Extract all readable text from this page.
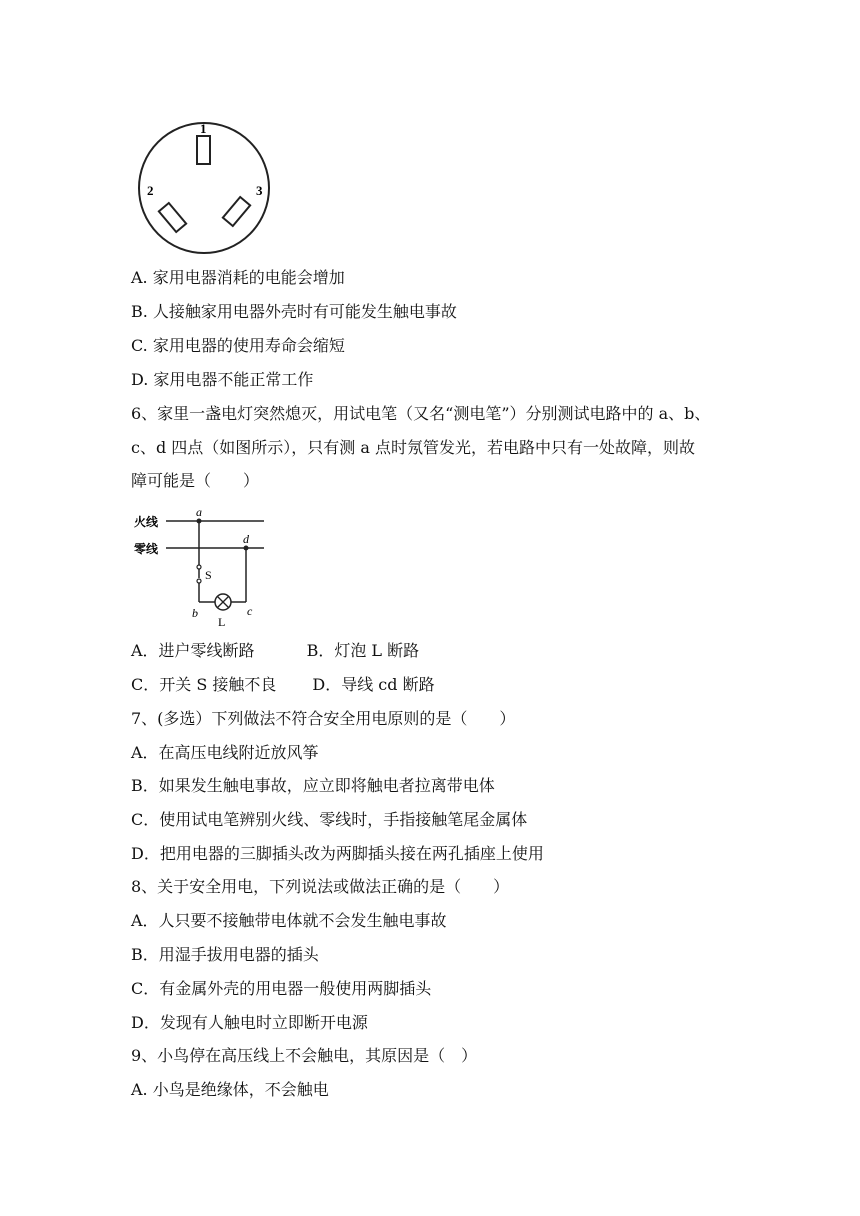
1
2	3
A. 家用电器消耗的电能会增加
B. 人接触家用电器外壳时有可能发生触电事故
C. 家用电器的使用寿命会缩短
D. 家用电器不能正常工作
6、家里一盏电灯突然熄灭，用试电笔（又名“测电笔”）分别测试电路中的 a、b、
c、d 四点（如图所示），只有测 a 点时氖管发光，若电路中只有一处故障，则故
障可能是（　　）
火线
零线
a
d
S
b	c
L
A．进户零线断路	B．灯泡 L 断路
C．开关 S 接触不良 D．导线 cd 断路
7、(多选）下列做法不符合安全用电原则的是（　　）
A．在高压电线附近放风筝
B．如果发生触电事故，应立即将触电者拉离带电体
C．使用试电笔辨别火线、零线时，手指接触笔尾金属体
D．把用电器的三脚插头改为两脚插头接在两孔插座上使用
8、关于安全用电，下列说法或做法正确的是（　　）
A．人只要不接触带电体就不会发生触电事故
B．用湿手拔用电器的插头
C．有金属外壳的用电器一般使用两脚插头
D．发现有人触电时立即断开电源
9、小鸟停在高压线上不会触电，其原因是（　）
A. 小鸟是绝缘体，不会触电
